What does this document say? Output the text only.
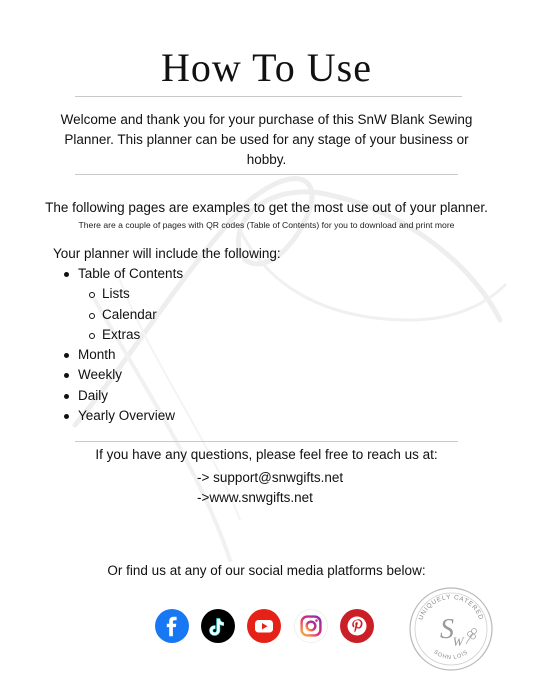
How To Use
Welcome and thank you for your purchase of this SnW Blank Sewing Planner. This planner can be used for any stage of your business or hobby.
The following pages are examples to get the most use out of your planner.
There are a couple of pages with QR codes (Table of Contents) for you to download and print more
Your planner will include the following:
Table of Contents
Lists
Calendar
Extras
Month
Weekly
Daily
Yearly Overview
If you have any questions, please feel free to reach us at:
-> support@snwgifts.net
->www.snwgifts.net
Or find us at any of our social media platforms below:
UNIQUELY CATERED
SOHN LOIS
S
W
